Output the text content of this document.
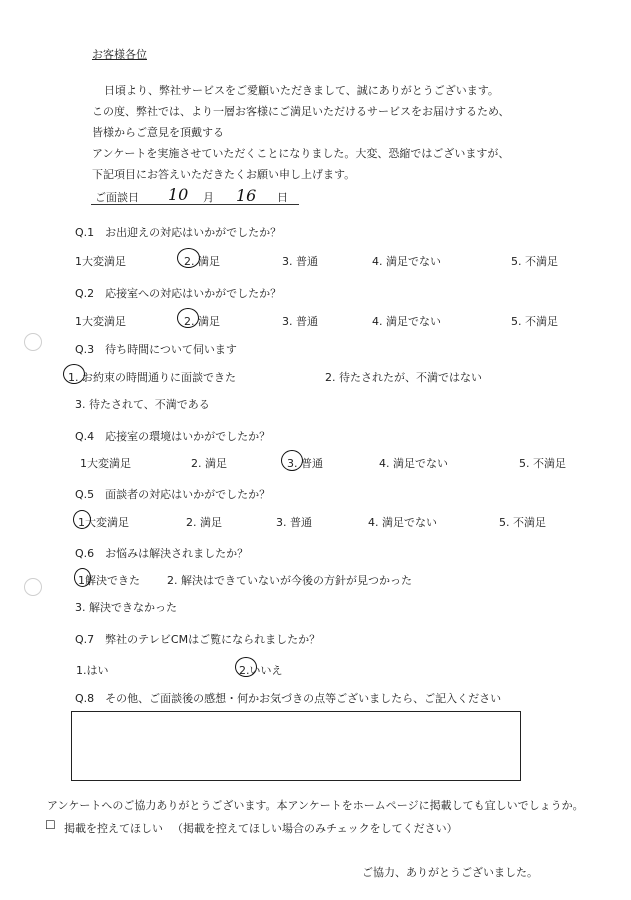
お客様各位
日頃より、弊社サービスをご愛顧いただきまして、誠にありがとうございます。
この度、弊社では、より一層お客様にご満足いただけるサービスをお届けするため、
皆様からご意見を頂戴する
アンケートを実施させていただくことになりました。大変、恐縮ではございますが、
下記項目にお答えいただきたくお願い申し上げます。
ご面談日 10 月 16 日
Q.1　お出迎えの対応はいかがでしたか？
1大変満足	2. 満足	3. 普通	4. 満足でない	5. 不満足
Q.2　応接室への対応はいかがでしたか？
1大変満足	2. 満足	3. 普通	4. 満足でない	5. 不満足
Q.3　待ち時間について伺います
1. お約束の時間通りに面談できた	2. 待たされたが、不満ではない
3. 待たされて、不満である
Q.4　応接室の環境はいかがでしたか？
1大変満足	2. 満足	3. 普通	4. 満足でない	5. 不満足
Q.5　面談者の対応はいかがでしたか？
1大変満足	2. 満足	3. 普通	4. 満足でない	5. 不満足
Q.6　お悩みは解決されましたか？
1解決できた 2. 解決はできていないが今後の方針が見つかった
3. 解決できなかった
Q.7　弊社のテレビCMはご覧になられましたか？
1.はい	2.いいえ
Q.8　その他、ご面談後の感想・何かお気づきの点等ございましたら、ご記入ください
アンケートへのご協力ありがとうございます。本アンケートをホームページに掲載しても宜しいでしょうか。
☐ 掲載を控えてほしい （掲載を控えてほしい場合のみチェックをしてください）
ご協力、ありがとうございました。
